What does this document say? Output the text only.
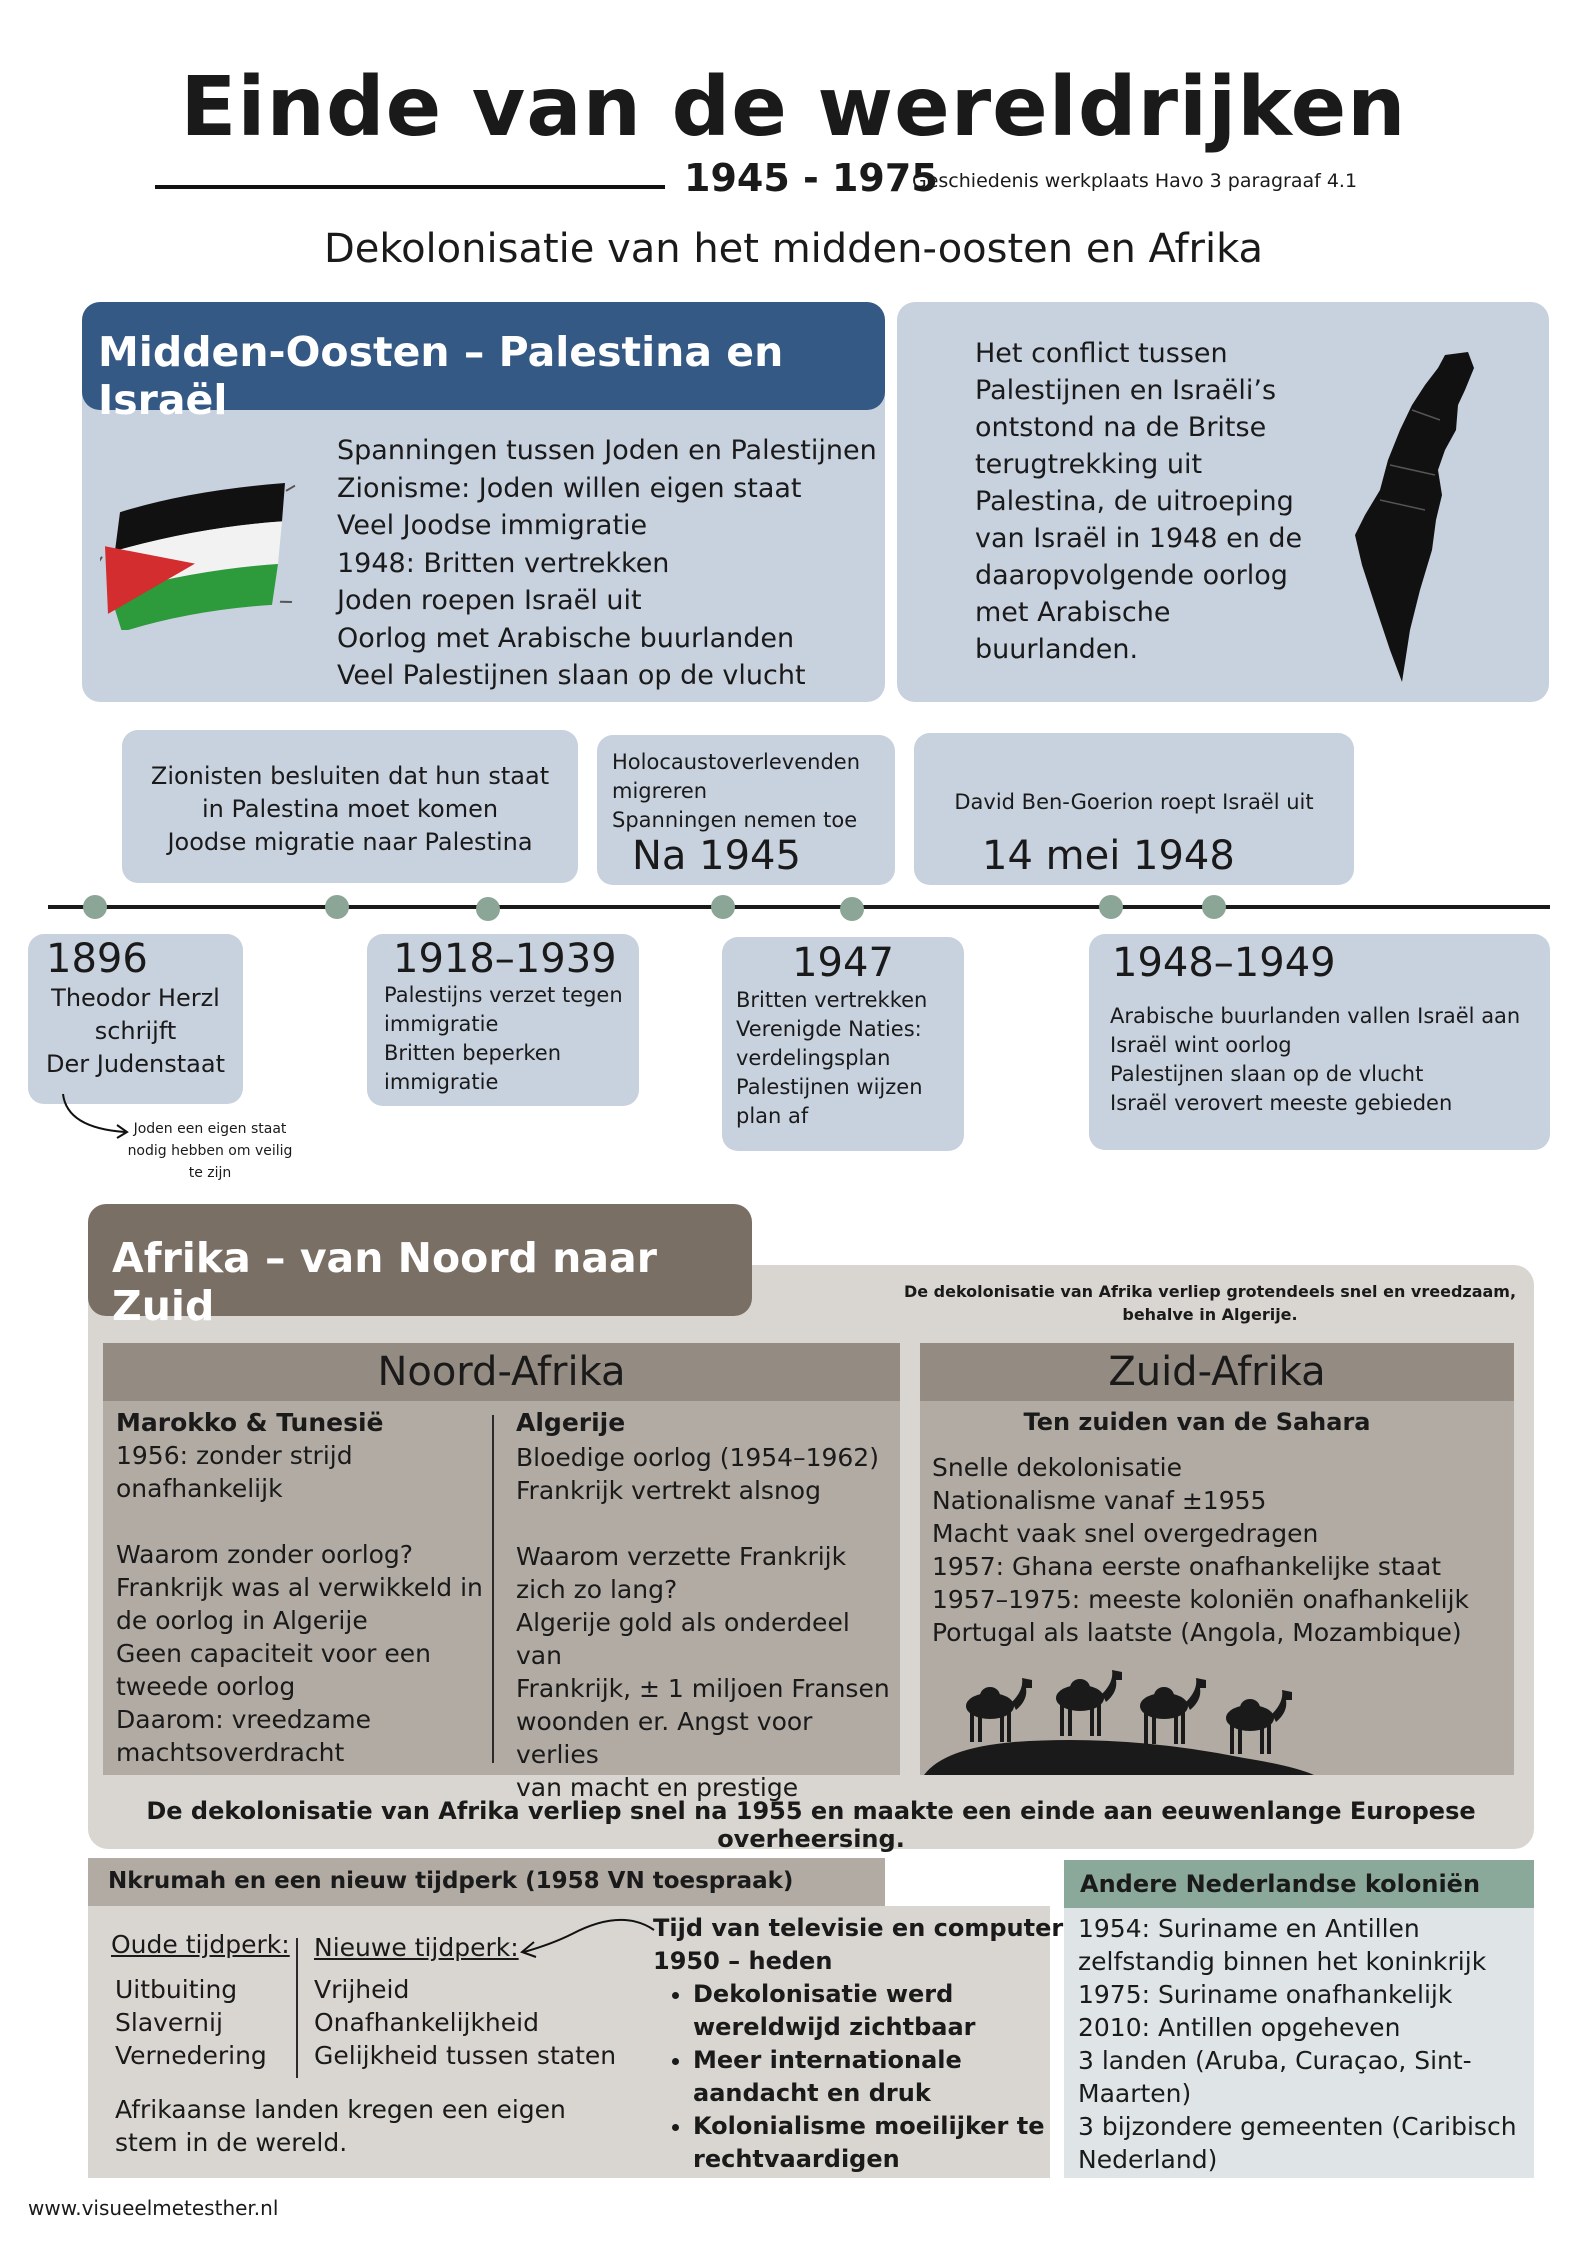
Einde van de wereldrijken
1945 - 1975
Geschiedenis werkplaats Havo 3 paragraaf 4.1
Dekolonisatie van het midden-oosten en Afrika
Midden-Oosten – Palestina en Israël
Spanningen tussen Joden en Palestijnen
Zionisme: Joden willen eigen staat
Veel Joodse immigratie
1948: Britten vertrekken
Joden roepen Israël uit
Oorlog met Arabische buurlanden
Veel Palestijnen slaan op de vlucht
Het conflict tussen Palestijnen en Israëli’s ontstond na de Britse terugtrekking uit Palestina, de uitroeping van Israël in 1948 en de daaropvolgende oorlog met Arabische buurlanden.
Zionisten besluiten dat hun staat
in Palestina moet komen
Joodse migratie naar Palestina
Holocaustoverlevenden
migreren
Spanningen nemen toe
Na 1945
David Ben-Goerion roept Israël uit
14 mei 1948
1896
Theodor Herzl
schrijft
Der Judenstaat
Joden een eigen staat
nodig hebben om veilig
te zijn
1918–1939
Palestijns verzet tegen
immigratie
Britten beperken
immigratie
1947
Britten vertrekken
Verenigde Naties:
verdelingsplan
Palestijnen wijzen
plan af
1948–1949
Arabische buurlanden vallen Israël aan
Israël wint oorlog
Palestijnen slaan op de vlucht
Israël verovert meeste gebieden
Afrika – van Noord naar Zuid	De dekolonisatie van Afrika verliep grotendeels snel en vreedzaam, behalve in Algerije.
Noord-Afrika
Marokko & Tunesië
1956: zonder strijd
onafhankelijk
Waarom zonder oorlog?
Frankrijk was al verwikkeld in
de oorlog in Algerije
Geen capaciteit voor een
tweede oorlog
Daarom: vreedzame
machtsoverdracht
Algerije
Bloedige oorlog (1954–1962)
Frankrijk vertrekt alsnog
Waarom verzette Frankrijk
zich zo lang?
Algerije gold als onderdeel van
Frankrijk, ± 1 miljoen Fransen
woonden er. Angst voor verlies
van macht en prestige
Zuid-Afrika
Ten zuiden van de Sahara
Snelle dekolonisatie
Nationalisme vanaf ±1955
Macht vaak snel overgedragen
1957: Ghana eerste onafhankelijke staat
1957–1975: meeste koloniën onafhankelijk
Portugal als laatste (Angola, Mozambique)
De dekolonisatie van Afrika verliep snel na 1955 en maakte een einde aan eeuwenlange Europese overheersing.
Nkrumah en een nieuw tijdperk (1958 VN toespraak)
Oude tijdperk: Nieuwe tijdperk:
Uitbuiting
Slavernij
Vernedering
Vrijheid
Onafhankelijkheid
Gelijkheid tussen staten
Afrikaanse landen kregen een eigen stem in de wereld.
Tijd van televisie en computer
1950 – heden
• Dekolonisatie werd wereldwijd zichtbaar
• Meer internationale aandacht en druk
• Kolonialisme moeilijker te rechtvaardigen
Andere Nederlandse koloniën
1954: Suriname en Antillen
zelfstandig binnen het koninkrijk
1975: Suriname onafhankelijk
2010: Antillen opgeheven
3 landen (Aruba, Curaçao, Sint-
Maarten)
3 bijzondere gemeenten (Caribisch
Nederland)
www.visueelmetesther.nl
